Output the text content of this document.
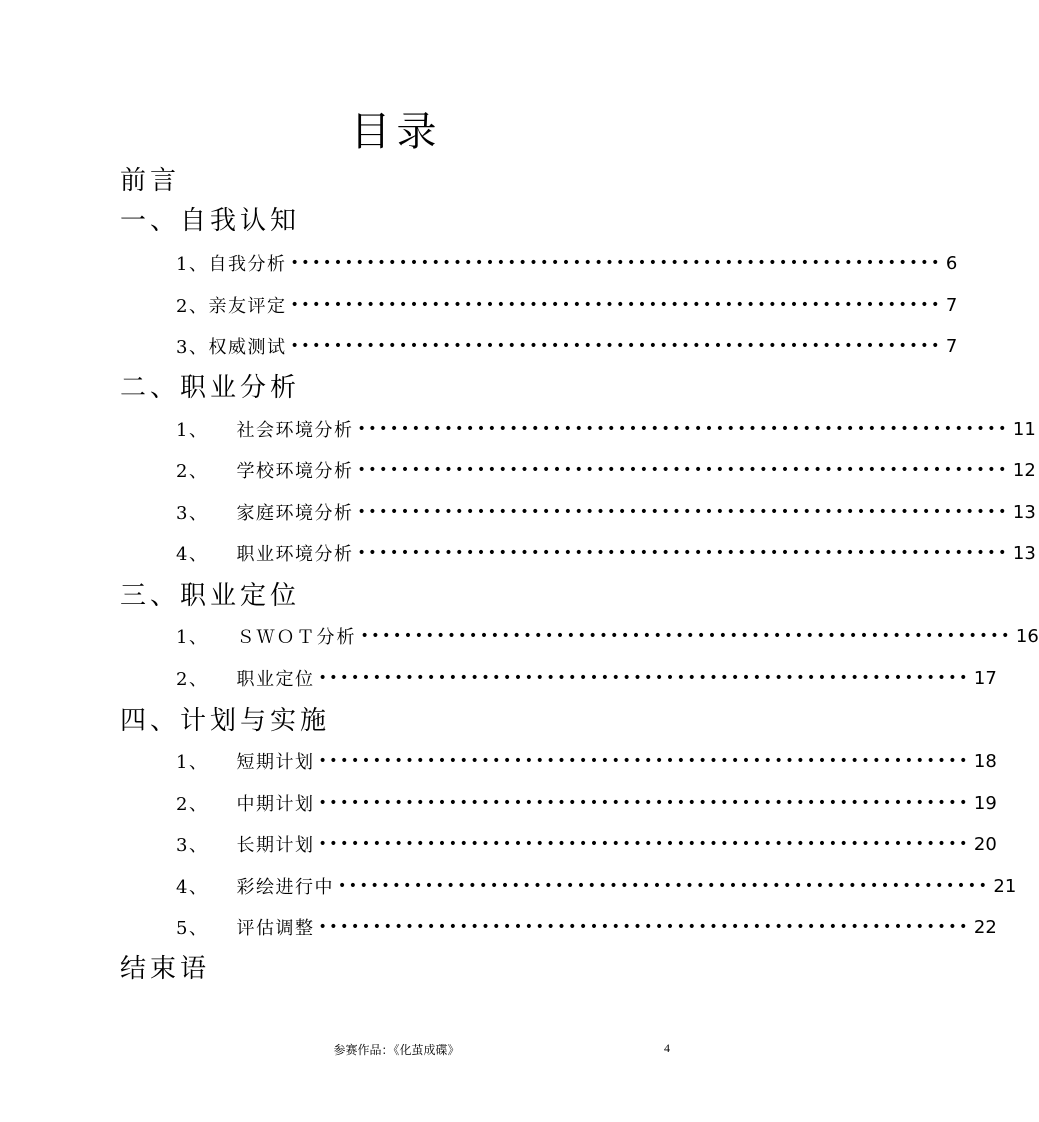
目录
前言
一、自我认知
1、 自我分析 •••••••••••••••••••••••••••••••••••••••••••••••••••••••••••• 6
2、 亲友评定 •••••••••••••••••••••••••••••••••••••••••••••••••••••••••••• 7
3、 权威测试 •••••••••••••••••••••••••••••••••••••••••••••••••••••••••••• 7
二、职业分析
1、 社会环境分析 •••••••••••••••••••••••••••••••••••••••••••••••••••••••••••• 11
2、 学校环境分析 •••••••••••••••••••••••••••••••••••••••••••••••••••••••••••• 12
3、 家庭环境分析 •••••••••••••••••••••••••••••••••••••••••••••••••••••••••••• 13
4、 职业环境分析 •••••••••••••••••••••••••••••••••••••••••••••••••••••••••••• 13
三、职业定位
1、 ＳＷＯＴ分析 •••••••••••••••••••••••••••••••••••••••••••••••••••••••••••• 16
2、 职业定位 •••••••••••••••••••••••••••••••••••••••••••••••••••••••••••• 17
四、计划与实施
1、 短期计划 •••••••••••••••••••••••••••••••••••••••••••••••••••••••••••• 18
2、 中期计划 •••••••••••••••••••••••••••••••••••••••••••••••••••••••••••• 19
3、 长期计划 •••••••••••••••••••••••••••••••••••••••••••••••••••••••••••• 20
4、 彩绘进行中 •••••••••••••••••••••••••••••••••••••••••••••••••••••••••••• 21
5、 评估调整 •••••••••••••••••••••••••••••••••••••••••••••••••••••••••••• 22
结束语
参赛作品：《化茧成碟》	4
